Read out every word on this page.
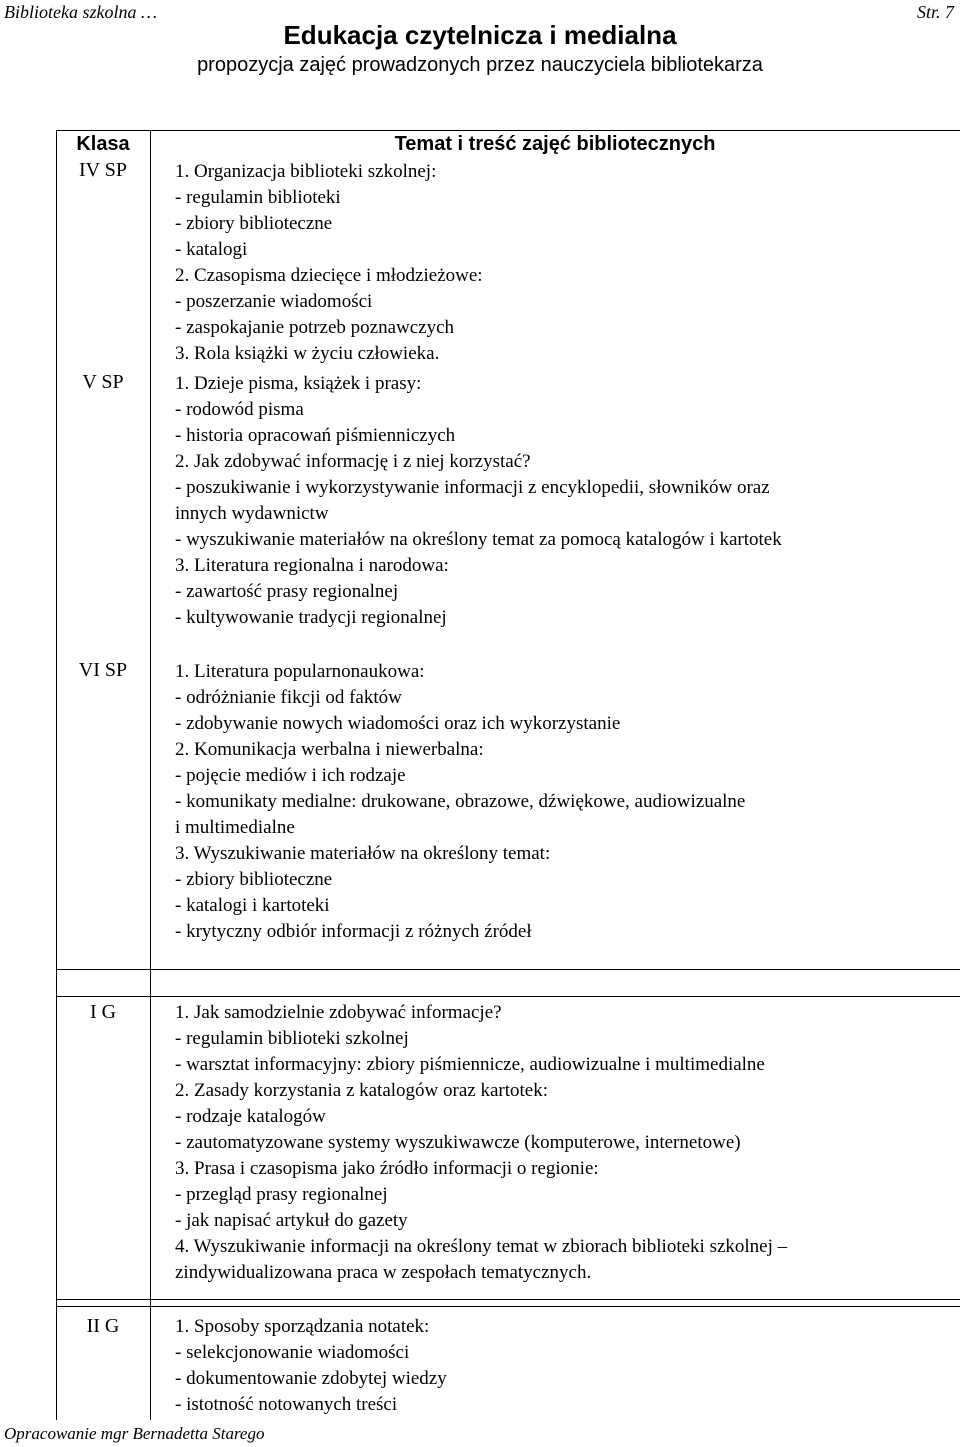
Biblioteka szkolna …	Str. 7
Edukacja czytelnicza i medialna
propozycja zajęć prowadzonych przez nauczyciela bibliotekarza
Klasa	Temat i treść zajęć bibliotecznych
IV SP	1. Organizacja biblioteki szkolnej:
- regulamin biblioteki
- zbiory biblioteczne
- katalogi
2. Czasopisma dziecięce i młodzieżowe:
- poszerzanie wiadomości
- zaspokajanie potrzeb poznawczych
3. Rola książki w życiu człowieka.
V SP	1. Dzieje pisma, książek i prasy:
- rodowód pisma
- historia opracowań piśmienniczych
2. Jak zdobywać informację i z niej korzystać?
- poszukiwanie i wykorzystywanie informacji z encyklopedii, słowników oraz
innych wydawnictw
- wyszukiwanie materiałów na określony temat za pomocą katalogów i kartotek
3. Literatura regionalna i narodowa:
- zawartość prasy regionalnej
- kultywowanie tradycji regionalnej
VI SP	1. Literatura popularnonaukowa:
- odróżnianie fikcji od faktów
- zdobywanie nowych wiadomości oraz ich wykorzystanie
2. Komunikacja werbalna i niewerbalna:
- pojęcie mediów i ich rodzaje
- komunikaty medialne: drukowane, obrazowe, dźwiękowe, audiowizualne
i multimedialne
3. Wyszukiwanie materiałów na określony temat:
- zbiory biblioteczne
- katalogi i kartoteki
- krytyczny odbiór informacji z różnych źródeł
I G	1. Jak samodzielnie zdobywać informacje?
- regulamin biblioteki szkolnej
- warsztat informacyjny: zbiory piśmiennicze, audiowizualne i multimedialne
2. Zasady korzystania z katalogów oraz kartotek:
- rodzaje katalogów
- zautomatyzowane systemy wyszukiwawcze (komputerowe, internetowe)
3. Prasa i czasopisma jako źródło informacji o regionie:
- przegląd prasy regionalnej
- jak napisać artykuł do gazety
4. Wyszukiwanie informacji na określony temat w zbiorach biblioteki szkolnej –
zindywidualizowana praca w zespołach tematycznych.
II G	1. Sposoby sporządzania notatek:
- selekcjonowanie wiadomości
- dokumentowanie zdobytej wiedzy
- istotność notowanych treści
Opracowanie mgr Bernadetta Starego
